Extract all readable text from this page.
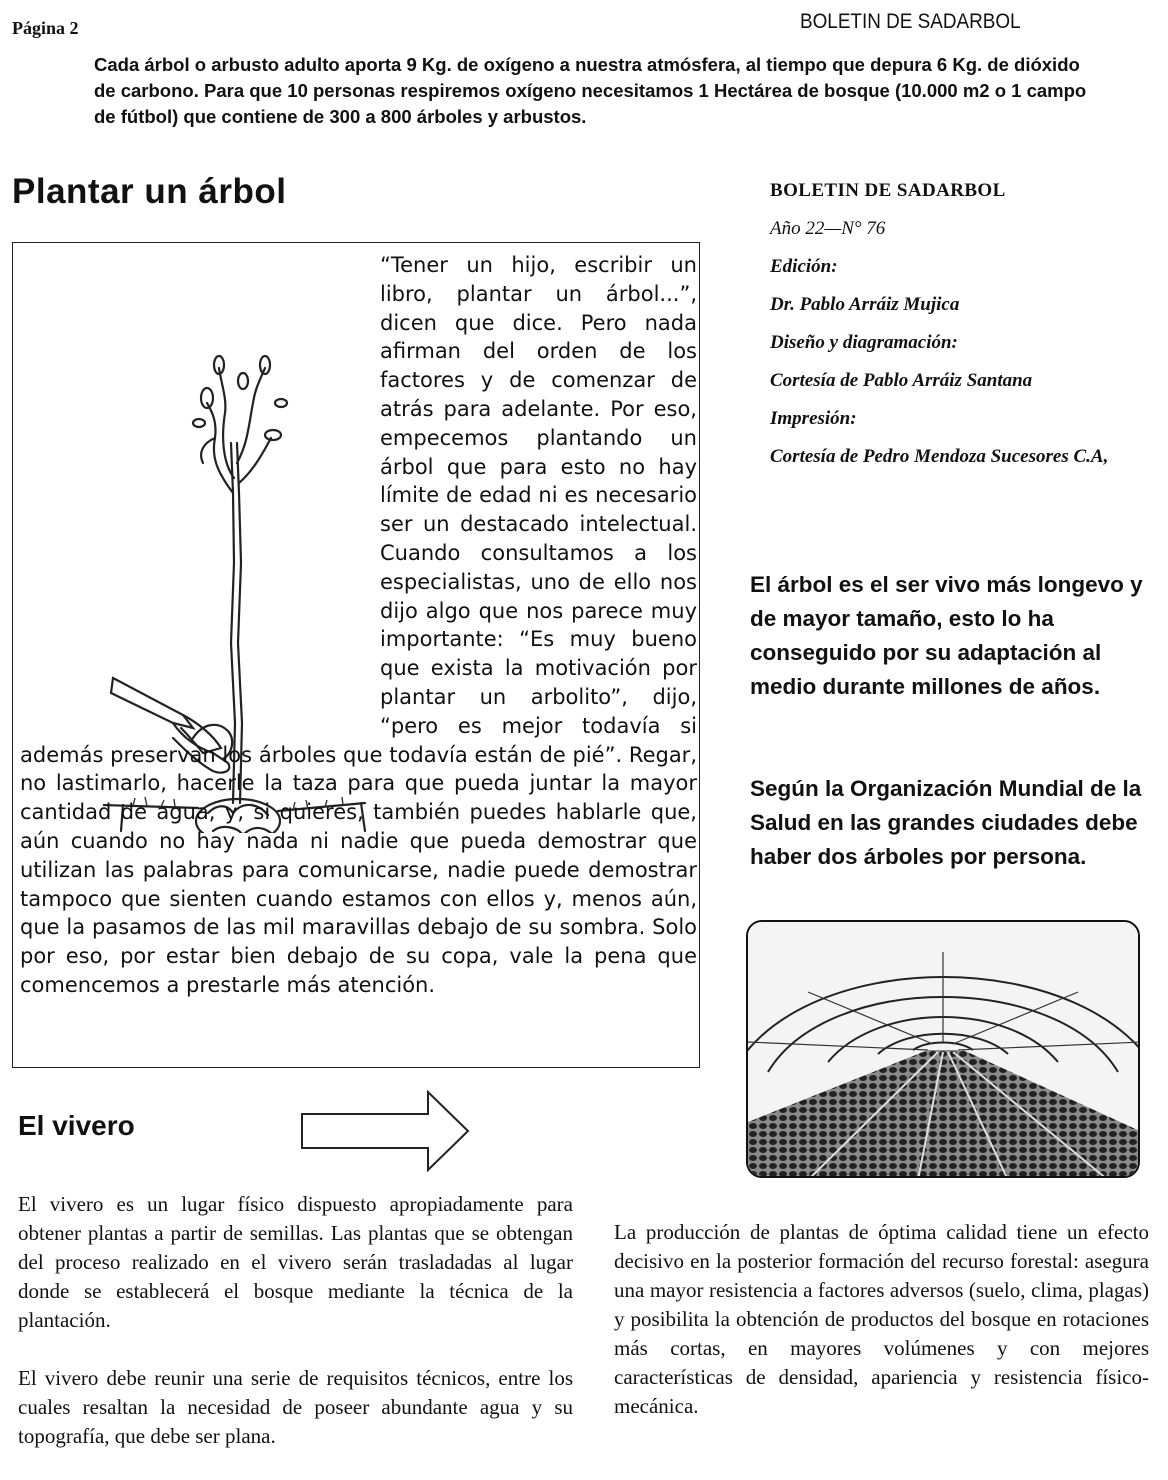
Página 2	BOLETIN DE SADARBOL
Cada árbol o arbusto adulto aporta 9 Kg. de oxígeno a nuestra atmósfera, al tiempo que depura 6 Kg. de dióxido de carbono. Para que 10 personas respiremos oxígeno necesitamos 1 Hectárea de bosque (10.000 m2 o 1 campo de fútbol) que contiene de 300 a 800 árboles y arbustos.
Plantar un árbol
“Tener un hijo, escribir un libro, plantar un árbol...”, dicen que dice. Pero nada afirman del orden de los factores y de comenzar de atrás para adelante. Por eso, empecemos plantando un árbol que para esto no hay límite de edad ni es necesario ser un destacado intelectual. Cuando consultamos a los especialistas, uno de ello nos dijo algo que nos parece muy importante: “Es muy bueno que exista la motivación por plantar un arbolito”, dijo, “pero es mejor todavía si además preservan los árboles que todavía están de pié”. Regar, no lastimarlo, hacerle la taza para que pueda juntar la mayor cantidad de agua, y, si quieres, también puedes hablarle que, aún cuando no hay nada ni nadie que pueda demostrar que utilizan las palabras para comunicarse, nadie puede demostrar tampoco que sienten cuando estamos con ellos y, menos aún, que la pasamos de las mil maravillas debajo de su sombra. Solo por eso, por estar bien debajo de su copa, vale la pena que comencemos a prestarle más atención.
BOLETIN DE SADARBOL
Año 22—N° 76
Edición:
Dr. Pablo Arráiz Mujica
Diseño y diagramación:
Cortesía de Pablo Arráiz Santana
Impresión:
Cortesía de Pedro Mendoza Sucesores C.A,
El árbol es el ser vivo más longevo y de mayor tamaño, esto lo ha conseguido por su adaptación al medio durante millones de años.
Según la Organización Mundial de la Salud en las grandes ciudades debe haber dos árboles por persona.
El vivero

El vivero es un lugar físico dispuesto apropiadamente para obtener plantas a partir de semillas. Las plantas que se obtengan del proceso realizado en el vivero serán trasladadas al lugar donde se establecerá el bosque mediante la técnica de la plantación.

El vivero debe reunir una serie de requisitos técnicos, entre los cuales resaltan la necesidad de poseer abundante agua y su topografía, que debe ser plana.

La producción de plantas de óptima calidad tiene un efecto decisivo en la posterior formación del recurso forestal: asegura una mayor resistencia a factores adversos (suelo, clima, plagas) y posibilita la obtención de productos del bosque en rotaciones más cortas, en mayores volúmenes y con mejores características de densidad, apariencia y resistencia físico-mecánica.
